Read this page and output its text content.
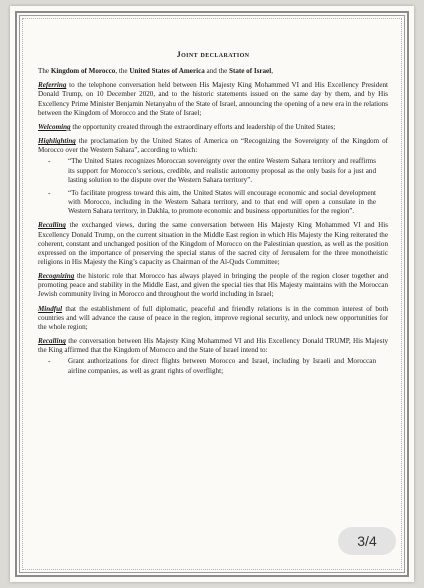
Joint declaration

The Kingdom of Morocco, the United States of America and the State of Israel,

Referring to the telephone conversation held between His Majesty King Mohammed VI and His Excellency President Donald Trump, on 10 December 2020, and to the historic statements issued on the same day by them, and by His Excellency Prime Minister Benjamin Netanyahu of the State of Israel, announcing the opening of a new era in the relations between the Kingdom of Morocco and the State of Israel;

Welcoming the opportunity created through the extraordinary efforts and leadership of the United States;

Highlighting the proclamation by the United States of America on “Recognizing the Sovereignty of the Kingdom of Morocco over the Western Sahara”, according to which:

- “The United States recognizes Moroccan sovereignty over the entire Western Sahara territory and reaffirms its support for Morocco’s serious, credible, and realistic autonomy proposal as the only basis for a just and lasting solution to the dispute over the Western Sahara territory”.
- “To facilitate progress toward this aim, the United States will encourage economic and social development with Morocco, including in the Western Sahara territory, and to that end will open a consulate in the Western Sahara territory, in Dakhla, to promote economic and business opportunities for the region”.

Recalling the exchanged views, during the same conversation between His Majesty King Mohammed VI and His Excellency Donald Trump, on the current situation in the Middle East region in which His Majesty the King reiterated the coherent, constant and unchanged position of the Kingdom of Morocco on the Palestinian question, as well as the position expressed on the importance of preserving the special status of the sacred city of Jerusalem for the three monotheistic religions in His Majesty the King’s capacity as Chairman of the Al-Quds Committee;

Recognizing the historic role that Morocco has always played in bringing the people of the region closer together and promoting peace and stability in the Middle East, and given the special ties that His Majesty maintains with the Moroccan Jewish community living in Morocco and throughout the world including in Israel;

Mindful that the establishment of full diplomatic, peaceful and friendly relations is in the common interest of both countries and will advance the cause of peace in the region, improve regional security, and unlock new opportunities for the whole region;

Recalling the conversation between His Majesty King Mohammed VI and His Excellency Donald TRUMP, His Majesty the King affirmed that the Kingdom of Morocco and the State of Israel intend to:

- Grant authorizations for direct flights between Morocco and Israel, including by Israeli and Moroccan airline companies, as well as grant rights of overflight;
3/4
